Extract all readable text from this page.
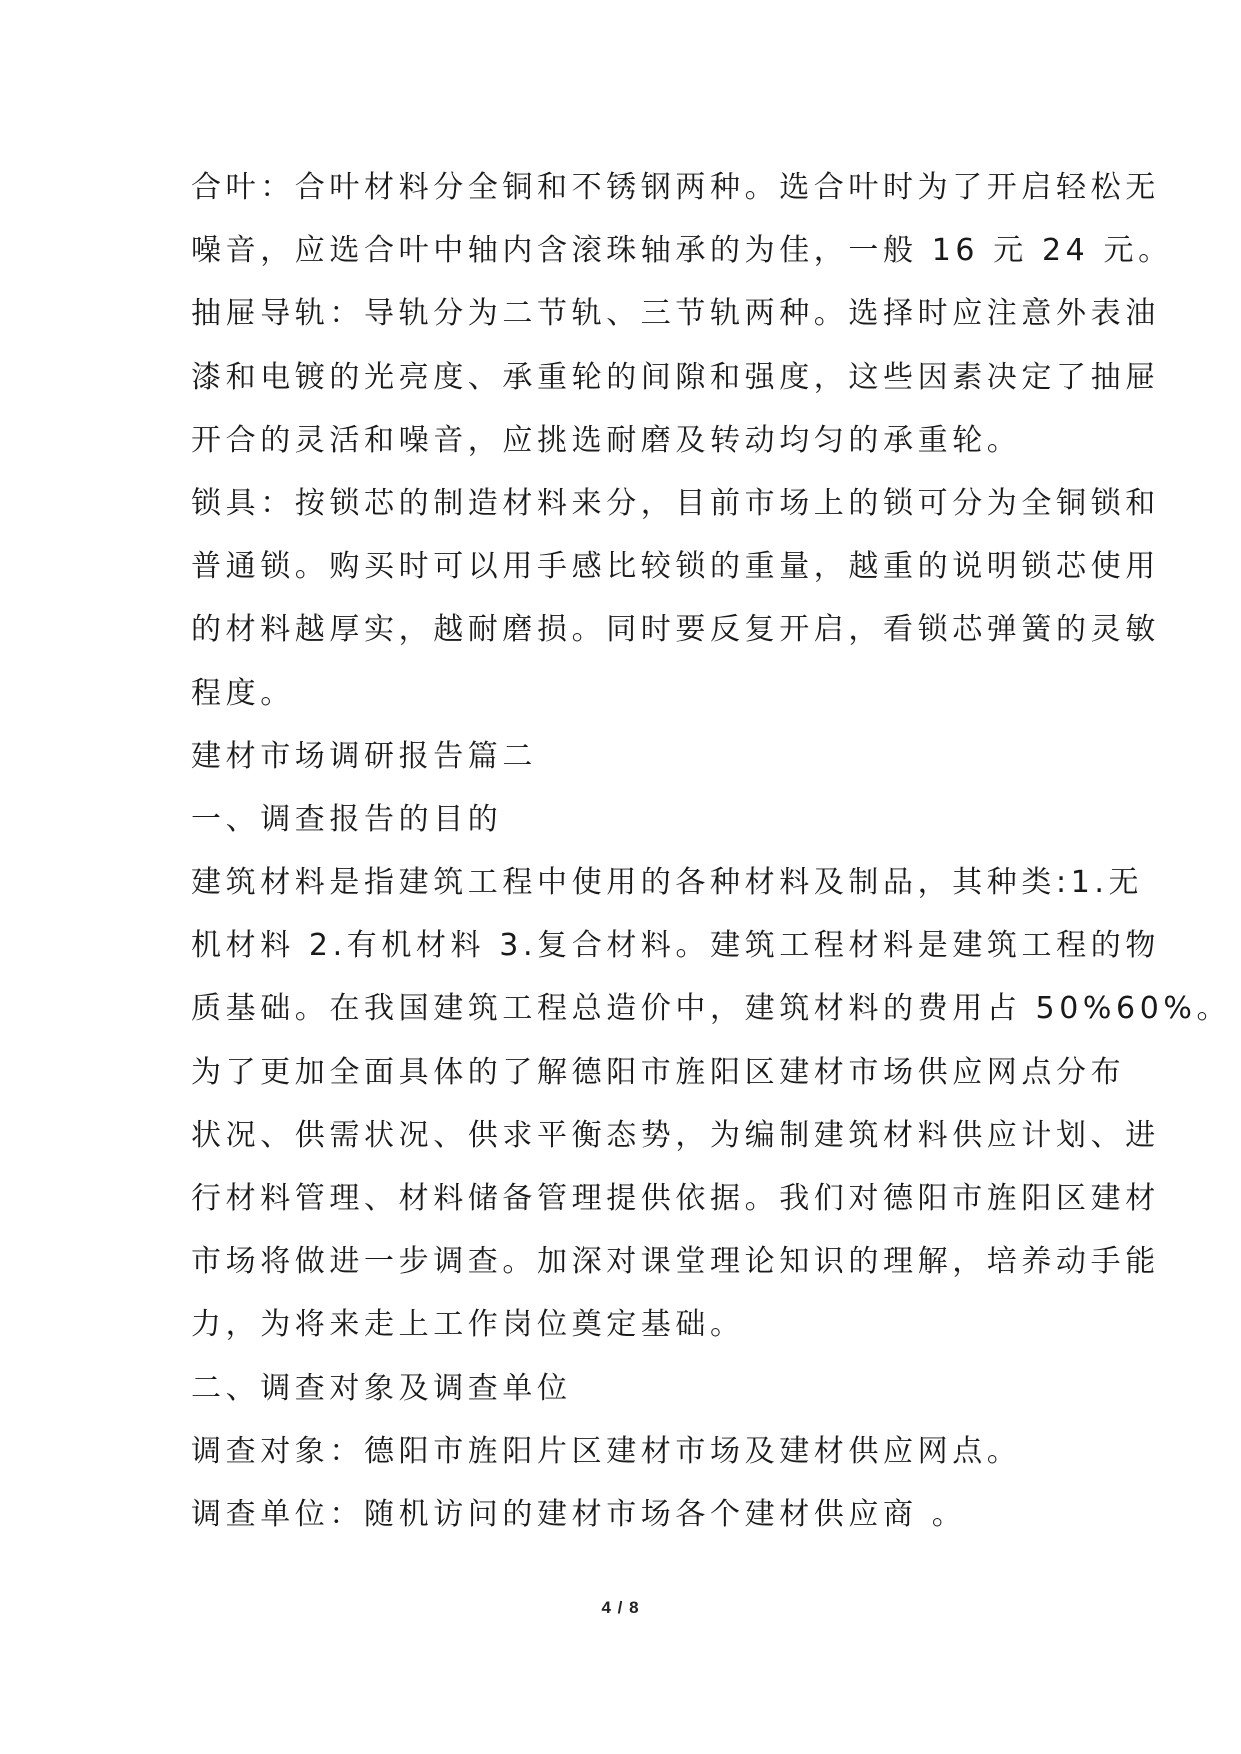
合叶：合叶材料分全铜和不锈钢两种。选合叶时为了开启轻松无
噪音，应选合叶中轴内含滚珠轴承的为佳，一般 16 元 24 元。
抽屉导轨：导轨分为二节轨、三节轨两种。选择时应注意外表油
漆和电镀的光亮度、承重轮的间隙和强度，这些因素决定了抽屉
开合的灵活和噪音，应挑选耐磨及转动均匀的承重轮。
锁具：按锁芯的制造材料来分，目前市场上的锁可分为全铜锁和
普通锁。购买时可以用手感比较锁的重量，越重的说明锁芯使用
的材料越厚实，越耐磨损。同时要反复开启，看锁芯弹簧的灵敏
程度。
建材市场调研报告篇二
一、调查报告的目的
建筑材料是指建筑工程中使用的各种材料及制品，其种类:1.无
机材料 2.有机材料 3.复合材料。建筑工程材料是建筑工程的物
质基础。在我国建筑工程总造价中，建筑材料的费用占 50%60%。
为了更加全面具体的了解德阳市旌阳区建材市场供应网点分布
状况、供需状况、供求平衡态势，为编制建筑材料供应计划、进
行材料管理、材料储备管理提供依据。我们对德阳市旌阳区建材
市场将做进一步调查。加深对课堂理论知识的理解，培养动手能
力，为将来走上工作岗位奠定基础。
二、调查对象及调查单位
调查对象：德阳市旌阳片区建材市场及建材供应网点。
调查单位：随机访问的建材市场各个建材供应商 。
4 / 8
